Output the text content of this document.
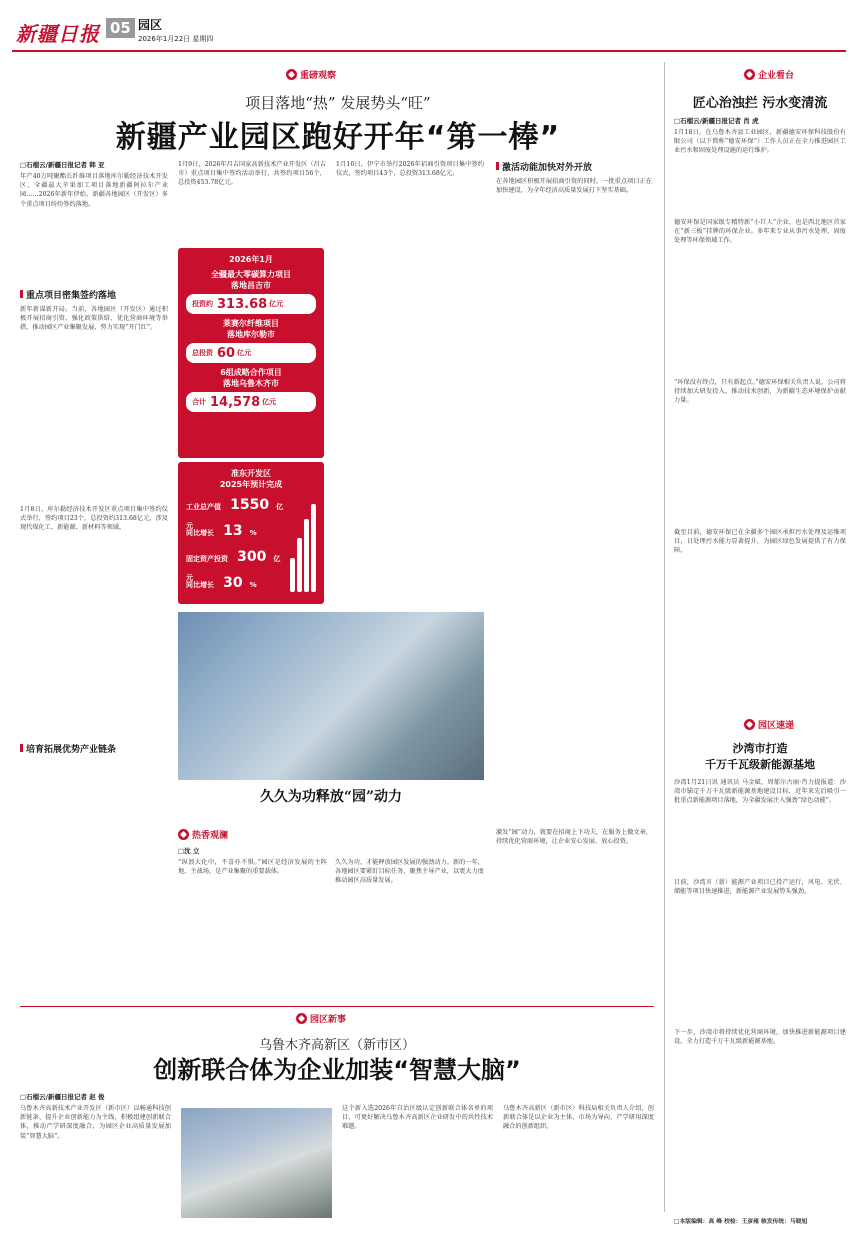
新疆日报 05 园区
2026年1月22日 星期四
重磅观察
项目落地“热” 发展势头“旺”
新疆产业园区跑好开年“第一棒”
□石榴云/新疆日报记者 韩 亚

年产40万吨聚酯长纤维项目落地库尔勒经济技术开发区，全疆最大苹果加工项目落地新疆阿拉尔产业园……2026年新年伊始，新疆各地园区（开发区）多个重点项目纷纷签约落地。

重点项目密集签约落地

新年新谋新开局。当前，各地园区（开发区）通过积极开展招商引资、强化政策供给、优化营商环境等举措，推动园区产业集聚发展，努力实现“开门红”。

1月8日，库尔勒经济技术开发区重点项目集中签约仪式举行，签约项目23个，总投资约313.68亿元，涉及现代煤化工、新能源、新材料等领域。

1月9日，2026年昌吉国家高新技术产业开发区（昌吉市）重点项目集中签约活动举行，共签约项目56个，总投资453.78亿元。

2026年1月
全疆最大零碳算力项目
落地昌吉市
投资约 313.68 亿元
莱赛尔纤维项目
落地库尔勒市
总投资 60 亿元
6组成略合作项目
落地乌鲁木齐市
合计 14,578 亿元
准东开发区
2025年预计完成
工业总产值 1550 亿元
同比增长 13 %
固定资产投资 300 亿元
同比增长 30 %

1月16日，伊宁市举行2026年招商引资项目集中签约仪式，签约项目43个，总投资313.68亿元。

激活动能加快对外开放

在各地园区积极开展招商引资的同时，一批重点项目正在加快建设，为全年经济高质量发展打下坚实基础。

培育拓展优势产业链条
久久为功释放“园”动力
热香观澜
□沈 立

“纵浪大化中，不喜亦不惧。”园区是经济发展的主阵地、主战场，是产业集聚的重要载体。

久久为功，才能释放园区发展的强劲动力。新的一年，各地园区要紧盯目标任务，聚焦主导产业，以更大力度推动园区高质量发展。

激发“园”动力，就要在招商上下功夫，在服务上做文章，持续优化营商环境，让企业安心发展、放心投资。

企业看台
匠心治浊拦 污水变清流
□石榴云/新疆日报记者 肖 虎

1月18日，在乌鲁木齐县工业园区，新疆德安环保科技股份有限公司（以下简称“德安环保”）工作人员正在全力推进园区工业污水和固废处理设施的运行维护。

德安环保是国家级专精特新“小巨人”企业，也是西北地区首家在“新三板”挂牌的环保企业。多年来专业从事污水处理、固废处理等环保领域工作。

“环保没有终点，只有新起点。”德安环保相关负责人说，公司将持续加大研发投入，推动技术创新，为新疆生态环境保护贡献力量。

截至目前，德安环保已在全疆多个园区承担污水处理及运维项目，日处理污水能力显著提升，为园区绿色发展提供了有力保障。

园区速递
沙湾市打造
千万千瓦级新能源基地

沙湾1月21日讯 通讯员 马金斌、周郁尔古丽·肖力提报道：沙湾市锚定千万千瓦级新能源基地建设目标，近年来先后吸引一批重点新能源项目落地，为全疆发展注入强劲“绿色动能”。

目前，沙湾市（新）能源产业项目已投产运行，风电、光伏、储能等项目快速推进，新能源产业发展势头强劲。

下一步，沙湾市将持续优化营商环境，加快推进新能源项目建设，全力打造千万千瓦级新能源基地。

园区新事
乌鲁木齐高新区（新市区）
创新联合体为企业加装“智慧大脑”
□石榴云/新疆日报记者 赵 俊

乌鲁木齐高新技术产业开发区（新市区）以畅通科技创新链条、提升企业创新能力为主线，积极组建创新联合体，推动产学研深度融合，为园区企业高质量发展加装“智慧大脑”。

这个新入选2026年自治区级认定创新联合体名单的项目，可更好解决乌鲁木齐高新区企业研发中的共性技术难题。

乌鲁木齐高新区（新市区）科技局相关负责人介绍，创新联合体是以企业为主体、市场为导向、产学研用深度融合的创新组织。

□本版编辑：高 峰 校检：王彦雍 核发传统：马晓旭
